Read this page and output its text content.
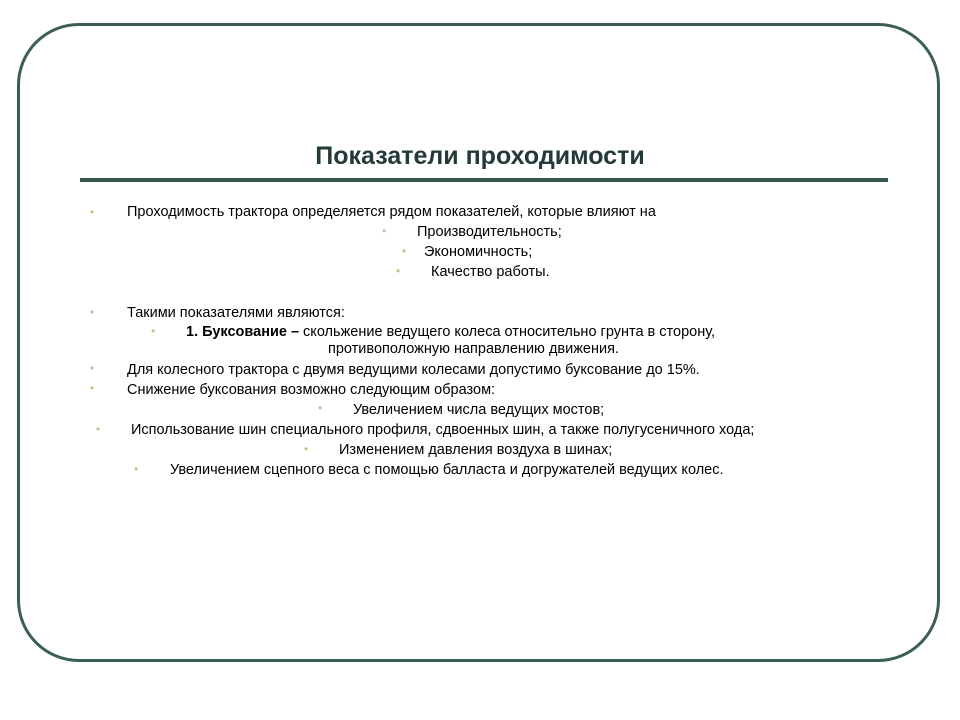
Показатели проходимости
•
•
•
•
•
•
•
•
•
•
•
•
Проходимость трактора определяется рядом показателей, которые влияют на
Производительность;
Экономичность;
Качество работы.
Такими показателями являются:
1. Буксование – скольжение ведущего колеса относительно грунта в сторону,
противоположную направлению движения.
Для колесного трактора с двумя ведущими колесами допустимо буксование до 15%.
Снижение буксования возможно следующим образом:
Увеличением числа ведущих мостов;
Использование шин специального профиля, сдвоенных шин, а также полугусеничного хода;
Изменением давления воздуха в шинах;
Увеличением сцепного веса с помощью балласта и догружателей ведущих колес.
